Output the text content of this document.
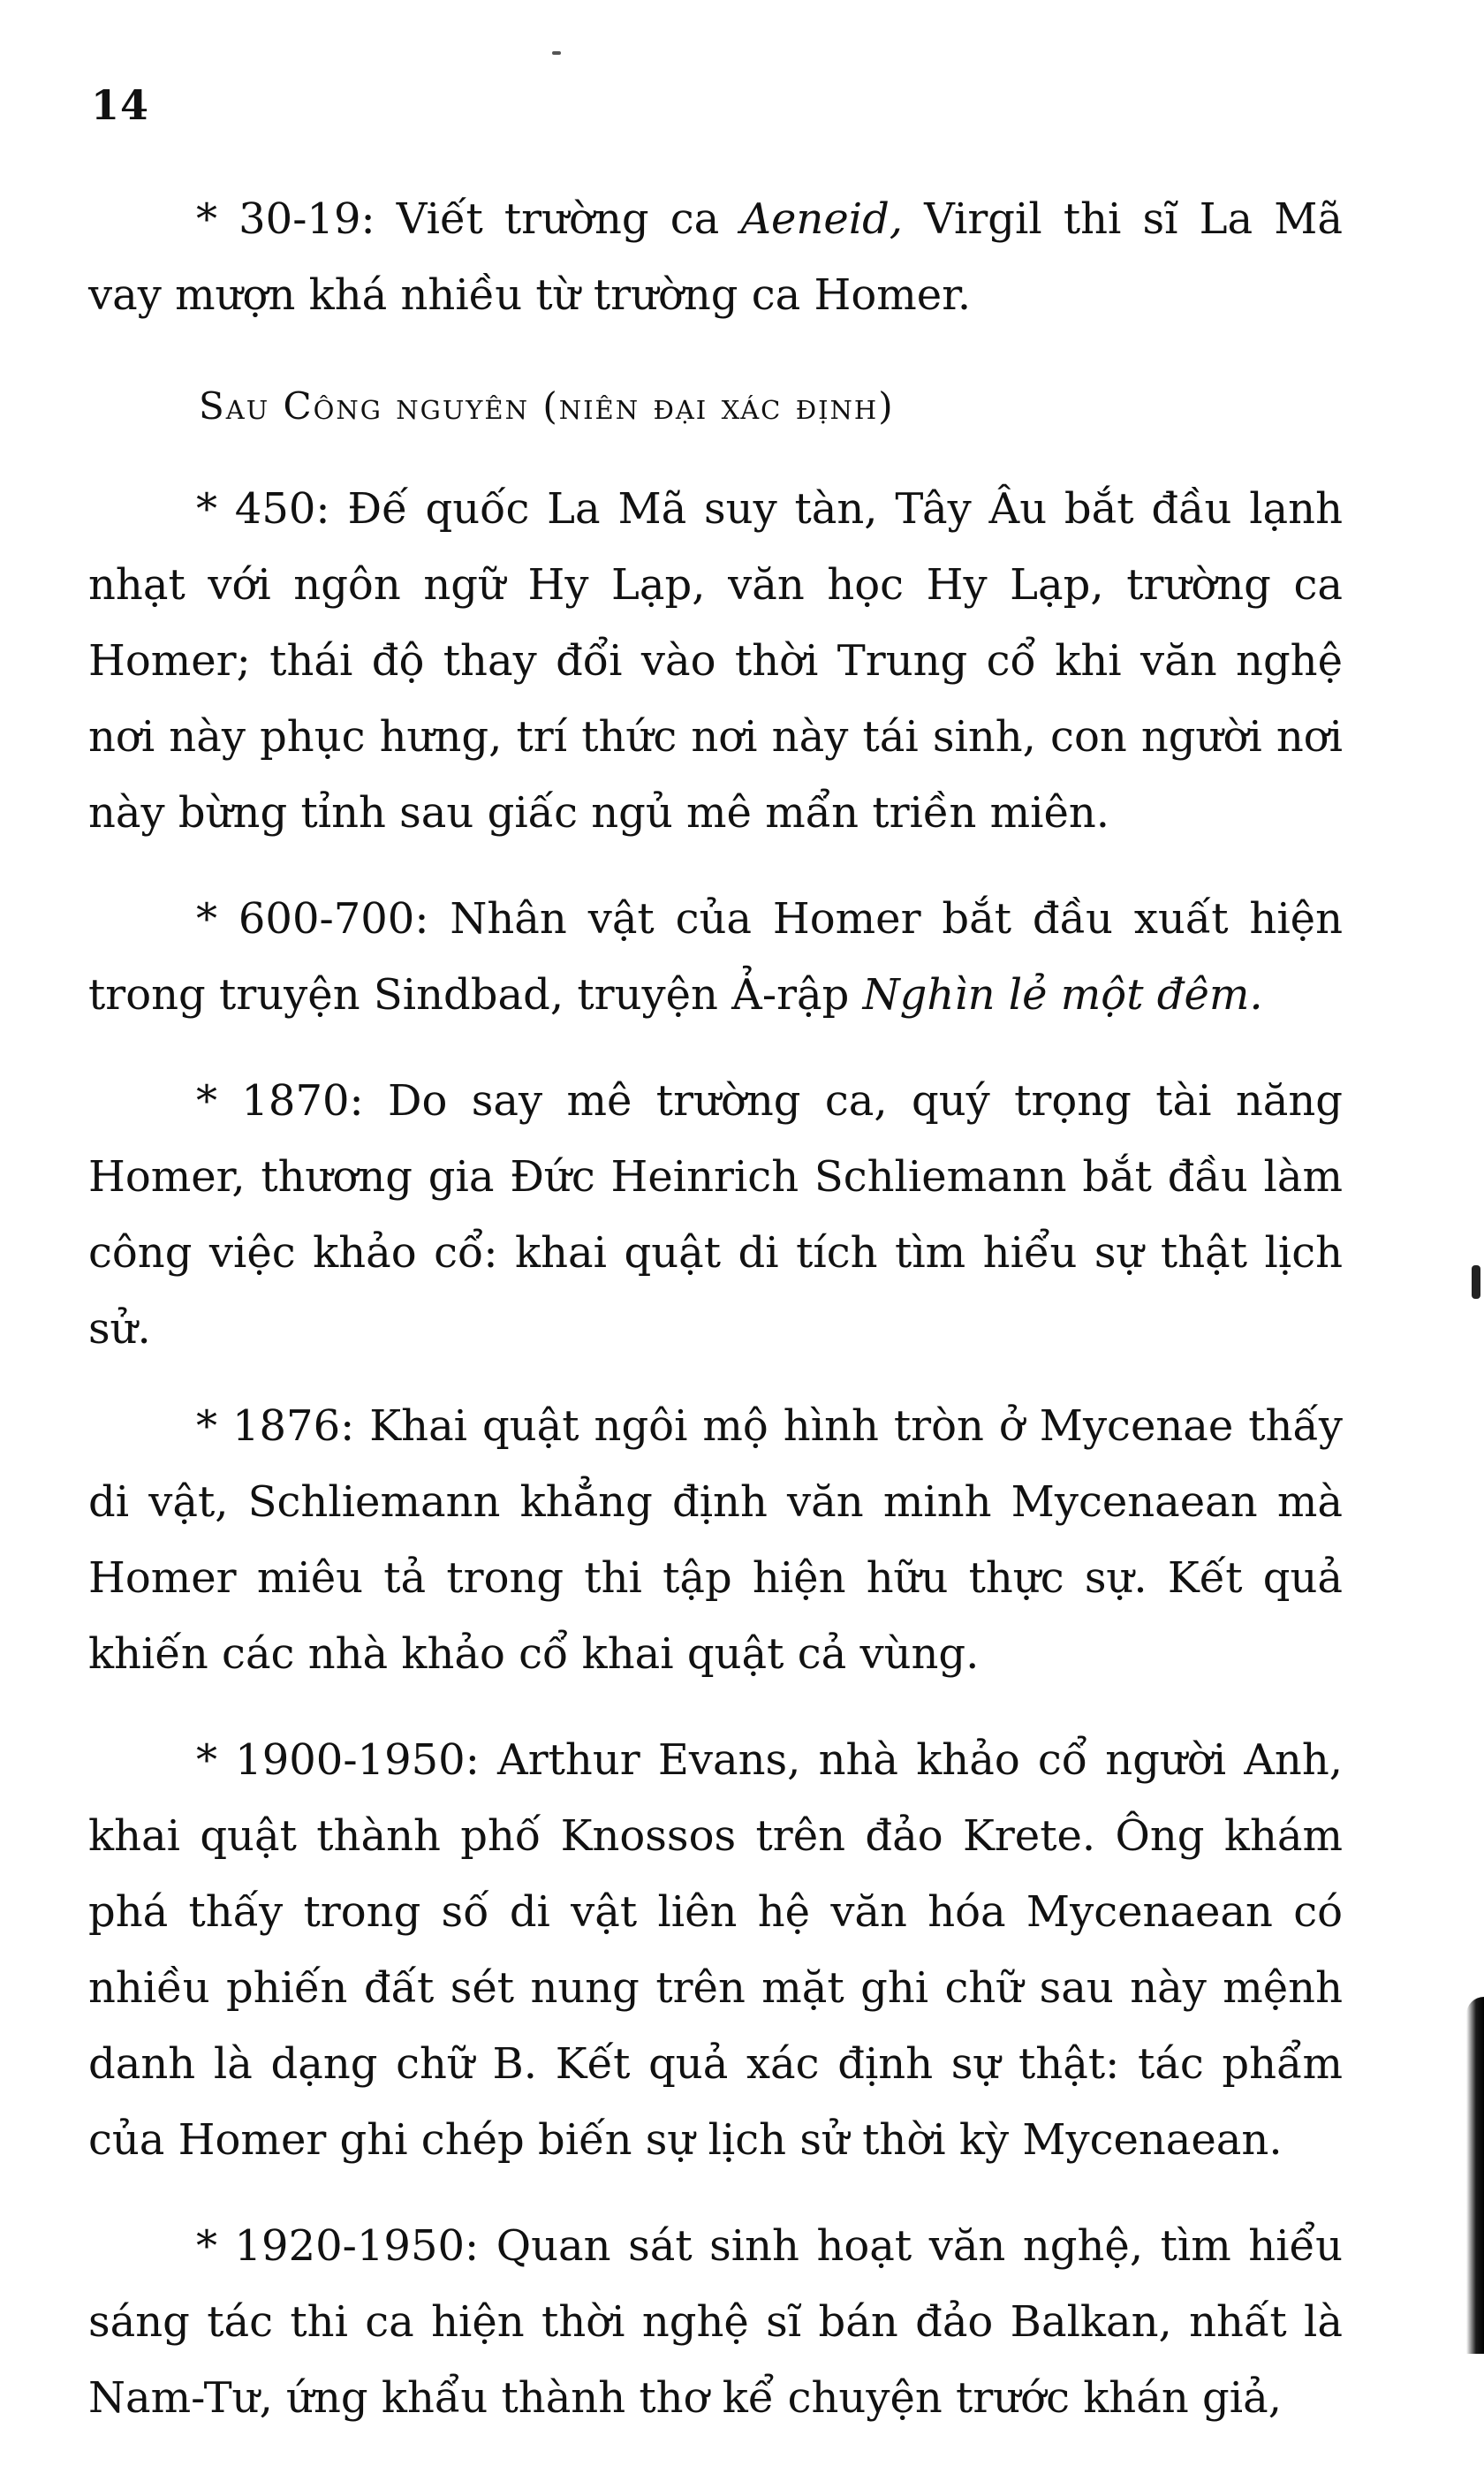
14

* 30-19: Viết trường ca Aeneid, Virgil thi sĩ La Mã vay mượn khá nhiều từ trường ca Homer.

Sau Công nguyên (niên đại xác định)

* 450: Đế quốc La Mã suy tàn, Tây Âu bắt đầu lạnh nhạt với ngôn ngữ Hy Lạp, văn học Hy Lạp, trường ca Homer; thái độ thay đổi vào thời Trung cổ khi văn nghệ nơi này phục hưng, trí thức nơi này tái sinh, con người nơi này bừng tỉnh sau giấc ngủ mê mẩn triền miên.

* 600-700: Nhân vật của Homer bắt đầu xuất hiện trong truyện Sindbad, truyện Ả-rập Nghìn lẻ một đêm.

* 1870: Do say mê trường ca, quý trọng tài năng Homer, thương gia Đức Heinrich Schliemann bắt đầu làm công việc khảo cổ: khai quật di tích tìm hiểu sự thật lịch sử.

* 1876: Khai quật ngôi mộ hình tròn ở Mycenae thấy di vật, Schliemann khẳng định văn minh Mycenaean mà Homer miêu tả trong thi tập hiện hữu thực sự. Kết quả khiến các nhà khảo cổ khai quật cả vùng.

* 1900-1950: Arthur Evans, nhà khảo cổ người Anh, khai quật thành phố Knossos trên đảo Krete. Ông khám phá thấy trong số di vật liên hệ văn hóa Mycenaean có nhiều phiến đất sét nung trên mặt ghi chữ sau này mệnh danh là dạng chữ B. Kết quả xác định sự thật: tác phẩm của Homer ghi chép biến sự lịch sử thời kỳ Mycenaean.

* 1920-1950: Quan sát sinh hoạt văn nghệ, tìm hiểu sáng tác thi ca hiện thời nghệ sĩ bán đảo Balkan, nhất là Nam-Tư, ứng khẩu thành thơ kể chuyện trước khán giả,
